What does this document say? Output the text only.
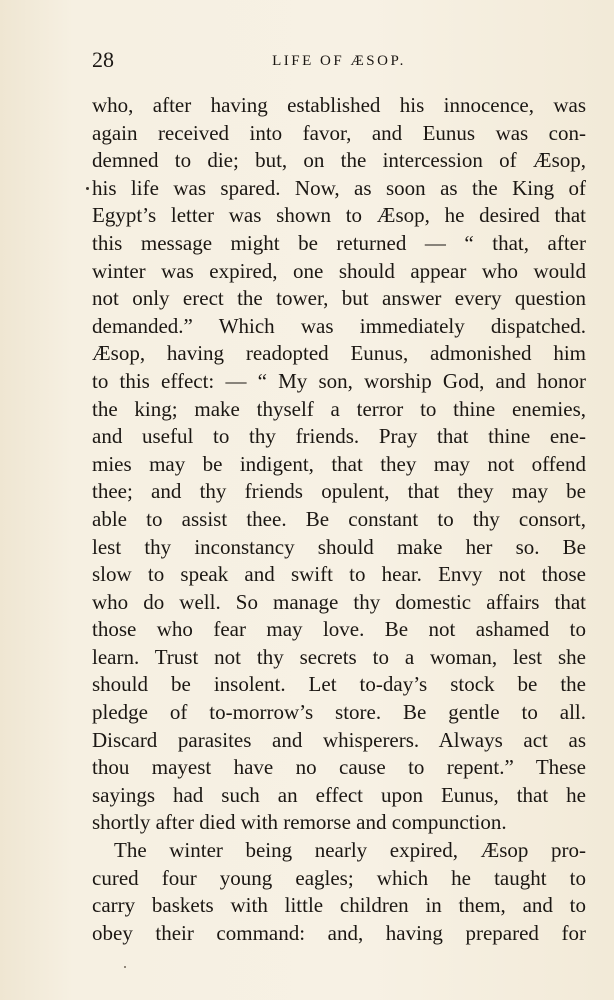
28	LIFE OF ÆSOP.
who, after having established his innocence, was
again received into favor, and Eunus was con-
demned to die; but, on the intercession of Æsop,
his life was spared. Now, as soon as the King of
Egypt’s letter was shown to Æsop, he desired that
this message might be returned — “ that, after
winter was expired, one should appear who would
not only erect the tower, but answer every question
demanded.” Which was immediately dispatched.
Æsop, having readopted Eunus, admonished him
to this effect: — “ My son, worship God, and honor
the king; make thyself a terror to thine enemies,
and useful to thy friends. Pray that thine ene-
mies may be indigent, that they may not offend
thee; and thy friends opulent, that they may be
able to assist thee. Be constant to thy consort,
lest thy inconstancy should make her so. Be
slow to speak and swift to hear. Envy not those
who do well. So manage thy domestic affairs that
those who fear may love. Be not ashamed to
learn. Trust not thy secrets to a woman, lest she
should be insolent. Let to-day’s stock be the
pledge of to-morrow’s store. Be gentle to all.
Discard parasites and whisperers. Always act as
thou mayest have no cause to repent.” These
sayings had such an effect upon Eunus, that he
shortly after died with remorse and compunction.
The winter being nearly expired, Æsop pro-
cured four young eagles; which he taught to
carry baskets with little children in them, and to
obey their command: and, having prepared for
